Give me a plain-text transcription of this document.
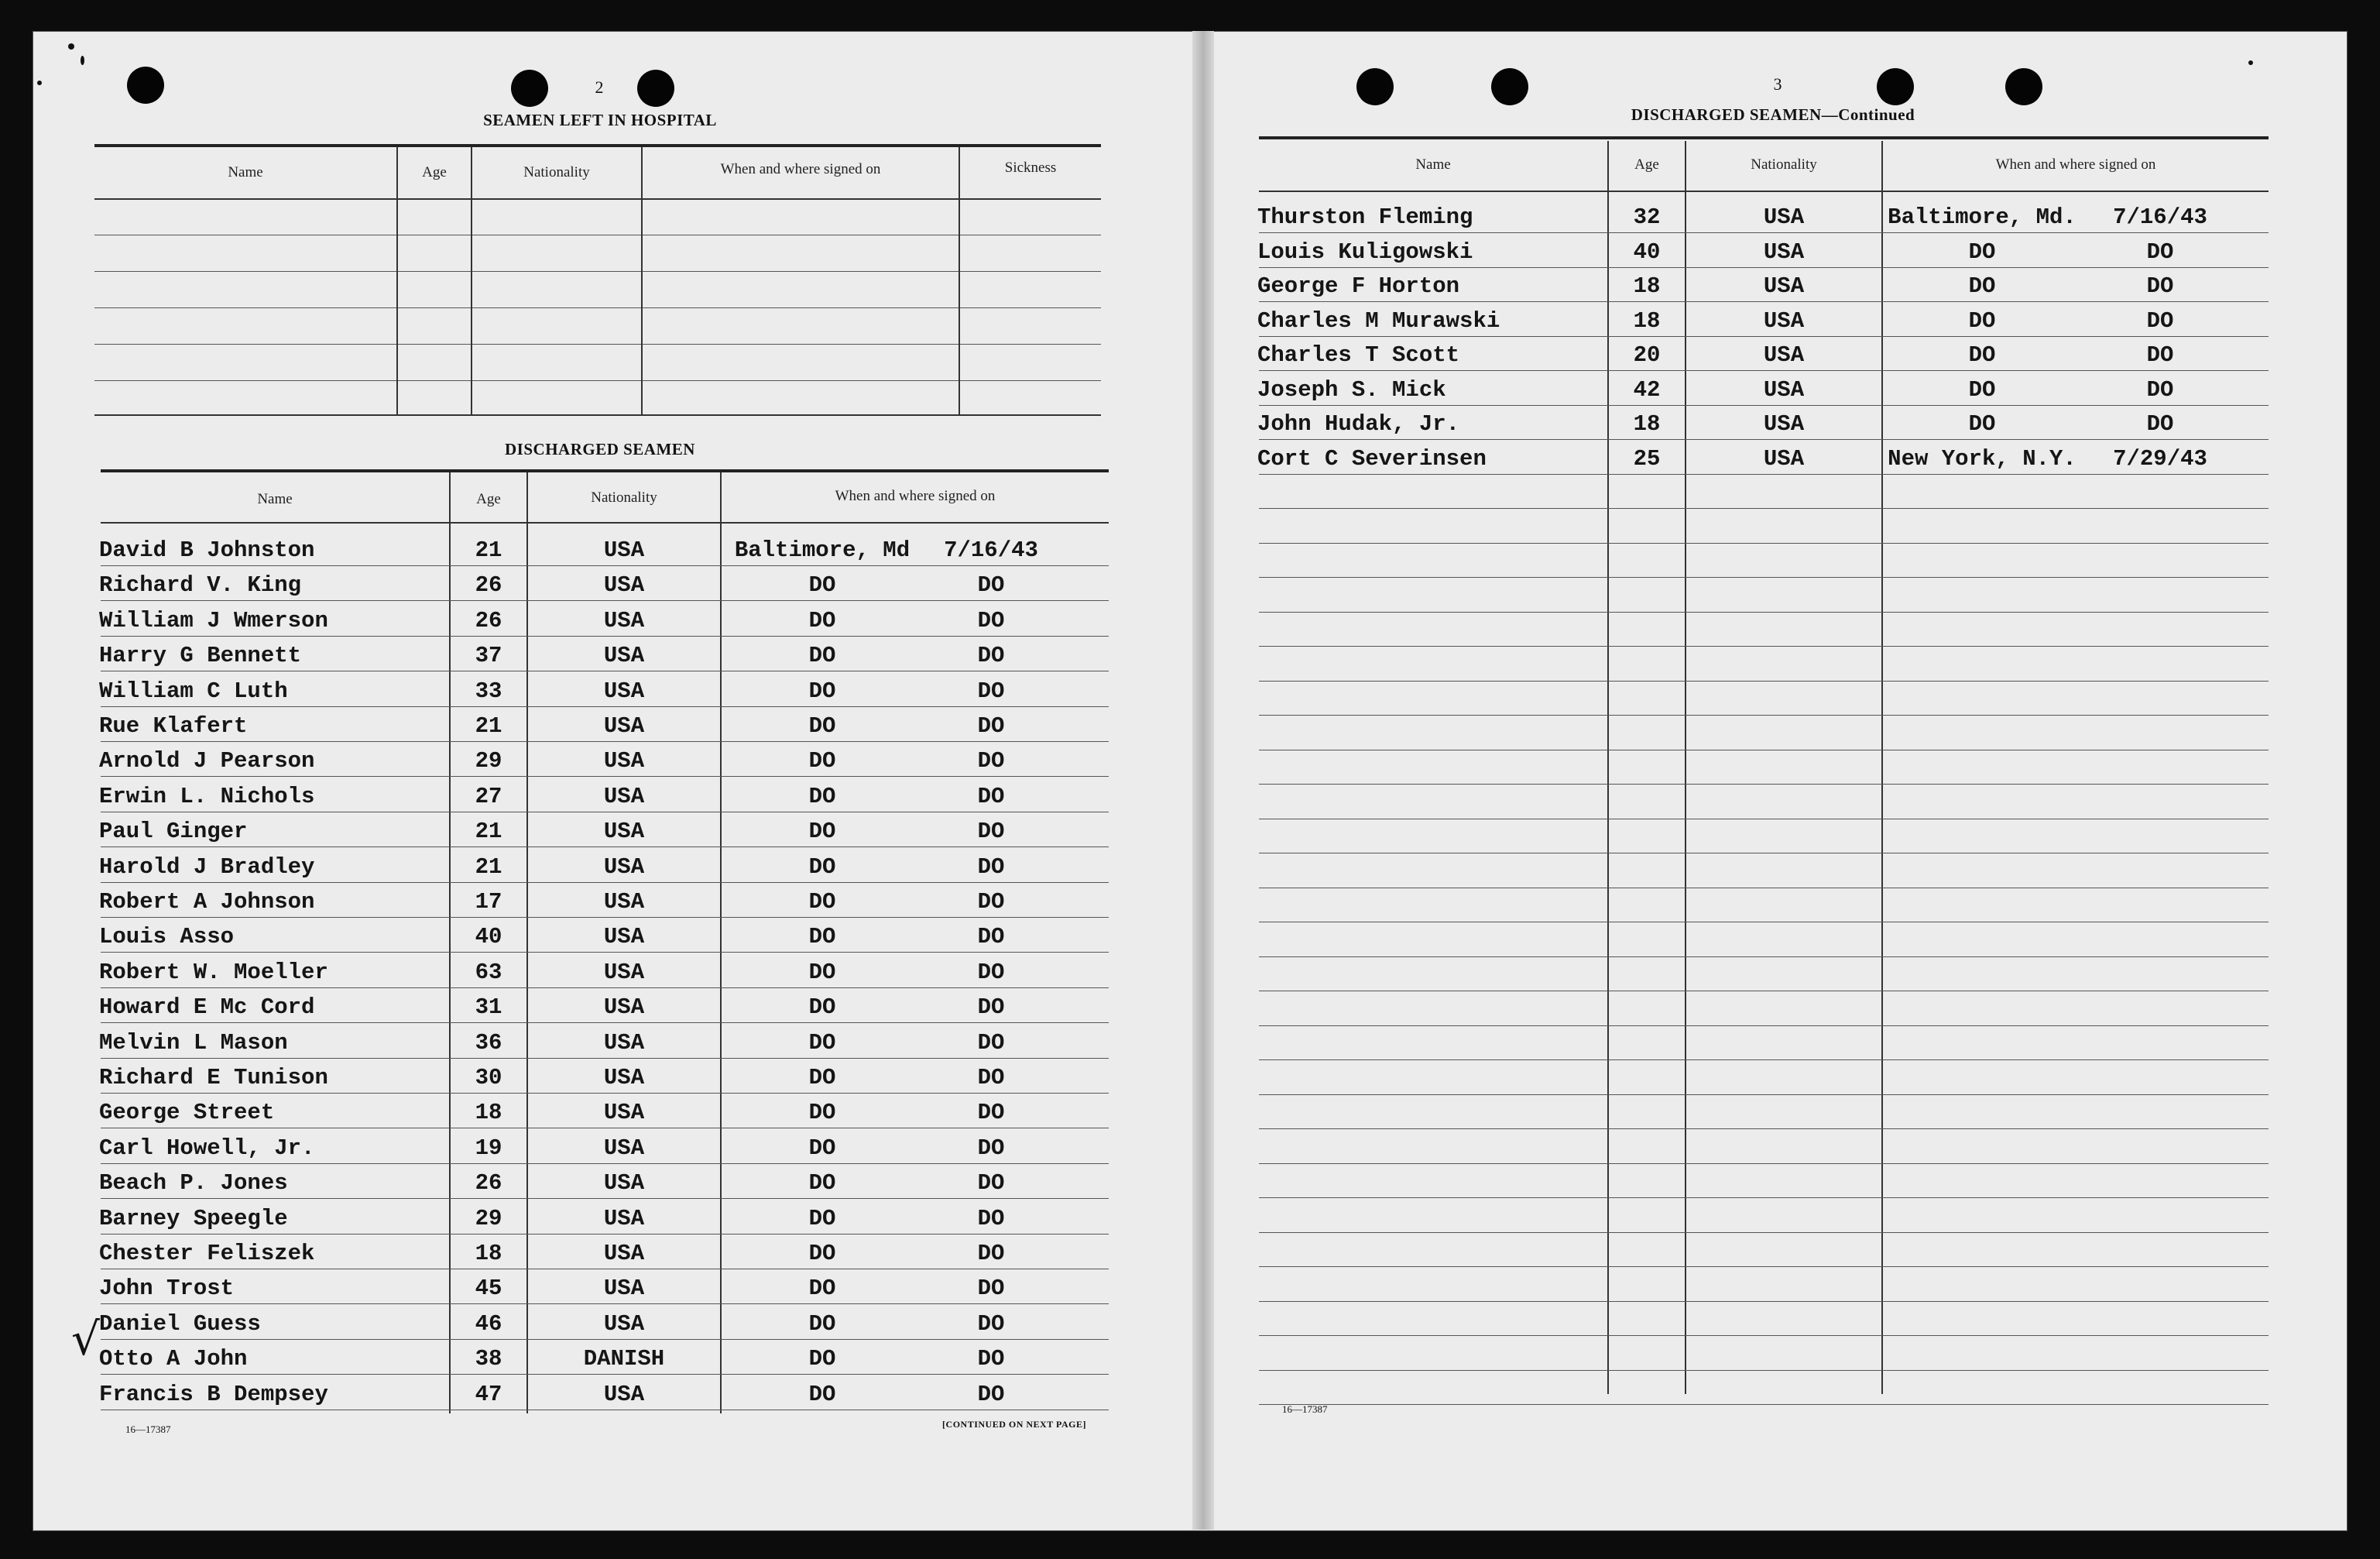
2
SEAMEN LEFT IN HOSPITAL
Name	Age	Nationality	When and where signed on	Sickness
DISCHARGED SEAMEN
Name	Age	Nationality	When and where signed on
David B Johnston	21	USA	Baltimore, Md	7/16/43
Richard V. King	26	USA	DO	DO
William J Wmerson	26	USA	DO	DO
Harry G Bennett	37	USA	DO	DO
William C Luth	33	USA	DO	DO
Rue Klafert	21	USA	DO	DO
Arnold J Pearson	29	USA	DO	DO
Erwin L. Nichols	27	USA	DO	DO
Paul Ginger	21	USA	DO	DO
Harold J Bradley	21	USA	DO	DO
Robert A Johnson	17	USA	DO	DO
Louis Asso	40	USA	DO	DO
Robert W. Moeller	63	USA	DO	DO
Howard E Mc Cord	31	USA	DO	DO
Melvin L Mason	36	USA	DO	DO
Richard E Tunison	30	USA	DO	DO
George Street	18	USA	DO	DO
Carl Howell, Jr.	19	USA	DO	DO
Beach P. Jones	26	USA	DO	DO
Barney Speegle	29	USA	DO	DO
Chester Feliszek	18	USA	DO	DO
John Trost	45	USA	DO	DO
Daniel Guess	46	USA	DO	DO
Otto A John	38	DANISH	DO	DO
Francis B Dempsey	47	USA	DO	DO
√
16—17387	[CONTINUED ON NEXT PAGE]
3
DISCHARGED SEAMEN—Continued
Name	Age	Nationality	When and where signed on
Thurston Fleming	32	USA	Baltimore, Md.	7/16/43
Louis Kuligowski	40	USA	DO	DO
George F Horton	18	USA	DO	DO
Charles M Murawski	18	USA	DO	DO
Charles T Scott	20	USA	DO	DO
Joseph S. Mick	42	USA	DO	DO
John Hudak, Jr.	18	USA	DO	DO
Cort C Severinsen	25	USA	New York, N.Y.	7/29/43
16—17387
